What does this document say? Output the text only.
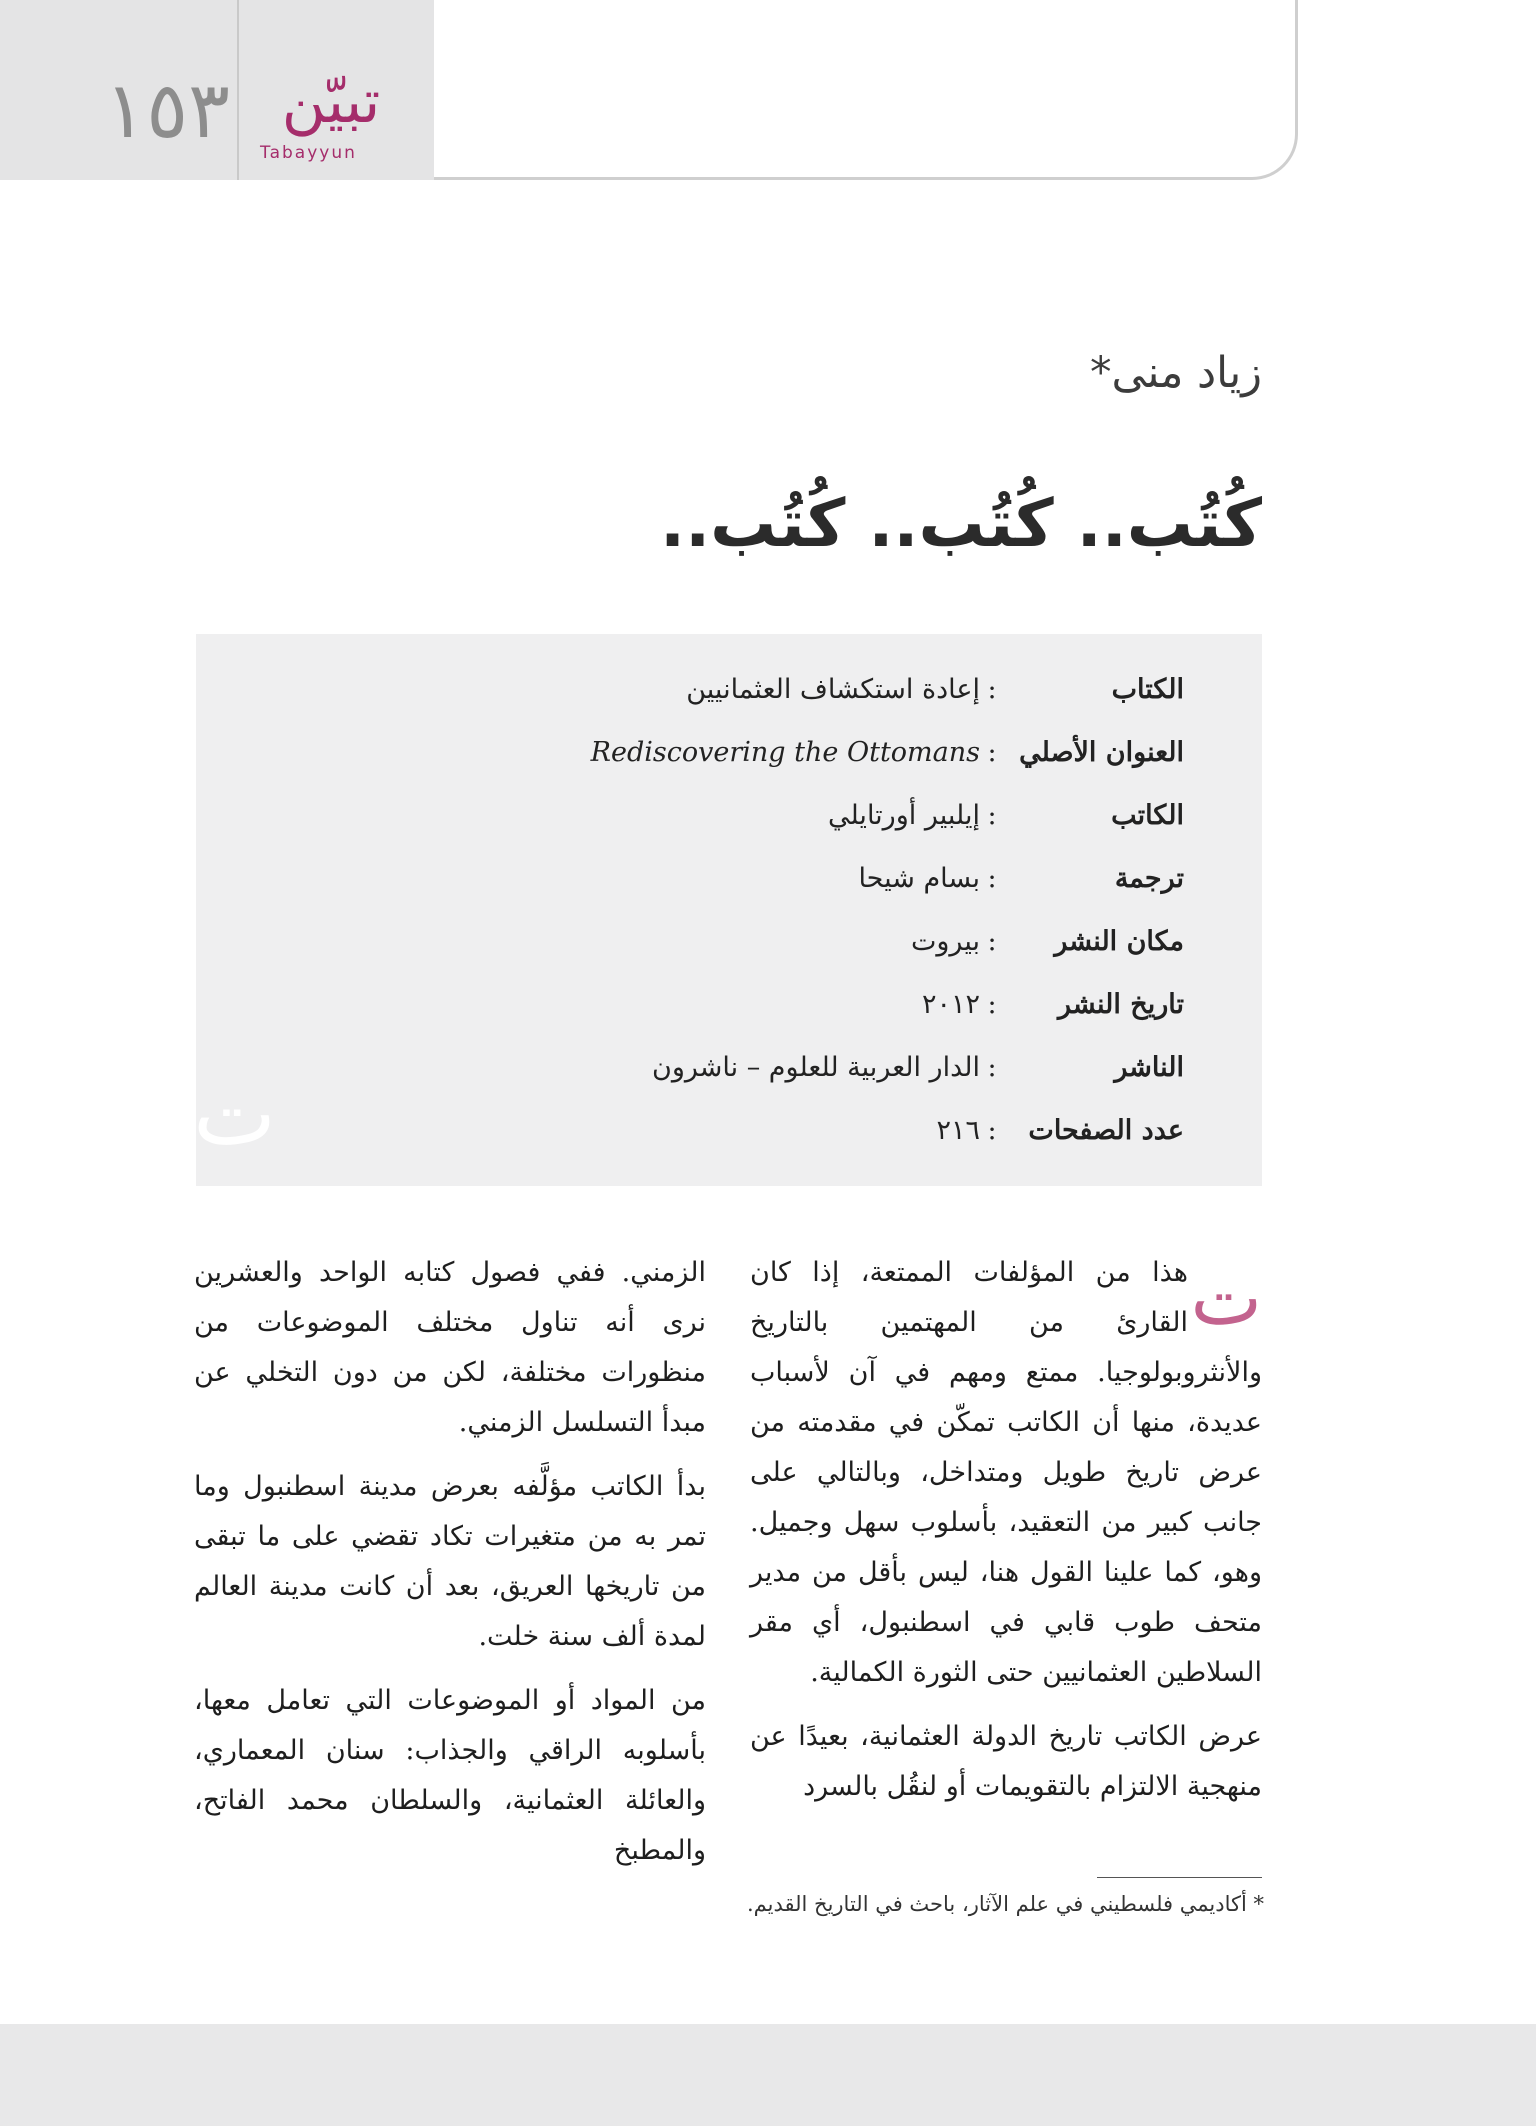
١٥٣ تبيّن
Tabayyun
زياد منى*
كُتُب.. كُتُب.. كُتُب..
ت
الكتاب
:
إعادة استكشاف العثمانيين
العنوان الأصلي
:
Rediscovering the Ottomans
الكاتب
:
إيلبير أورتايلي
ترجمة
:
بسام شيحا
مكان النشر
:
بيروت
تاريخ النشر
:
٢٠١٢
الناشر
:
الدار العربية للعلوم – ناشرون
عدد الصفحات
:
٢١٦

ت
هذا من المؤلفات الممتعة، إذا كان القارئ من المهتمين بالتاريخ والأنثروبولوجيا. ممتع ومهم في آن لأسباب عديدة، منها أن الكاتب تمكّن في مقدمته من عرض تاريخ طويل ومتداخل، وبالتالي على جانب كبير من التعقيد، بأسلوب سهل وجميل. وهو، كما علينا القول هنا، ليس بأقل من مدير متحف طوب قابي في اسطنبول، أي مقر السلاطين العثمانيين حتى الثورة الكمالية.

عرض الكاتب تاريخ الدولة العثمانية، بعيدًا عن منهجية الالتزام بالتقويمات أو لنقُل بالسرد

الزمني. ففي فصول كتابه الواحد والعشرين نرى أنه تناول مختلف الموضوعات من منظورات مختلفة، لكن من دون التخلي عن مبدأ التسلسل الزمني.

بدأ الكاتب مؤلَّفه بعرض مدينة اسطنبول وما تمر به من متغيرات تكاد تقضي على ما تبقى من تاريخها العريق، بعد أن كانت مدينة العالم لمدة ألف سنة خلت.

من المواد أو الموضوعات التي تعامل معها، بأسلوبه الراقي والجذاب: سنان المعماري، والعائلة العثمانية، والسلطان محمد الفاتح، والمطبخ

* أكاديمي فلسطيني في علم الآثار، باحث في التاريخ القديم.
